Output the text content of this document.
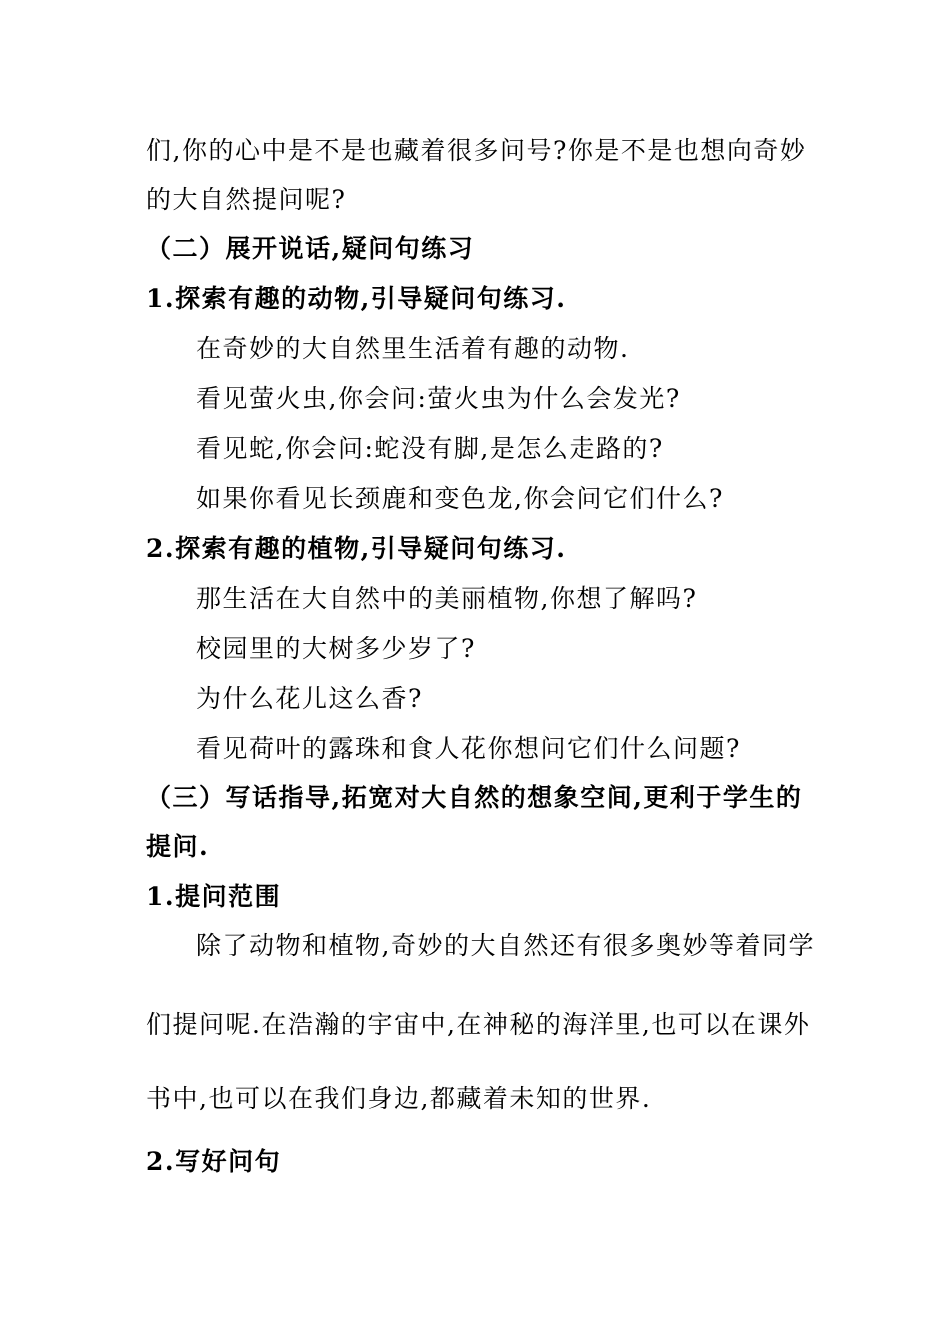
们,你的心中是不是也藏着很多问号?你是不是也想向奇妙
的大自然提问呢?
（二）展开说话,疑问句练习
1.探索有趣的动物,引导疑问句练习.
在奇妙的大自然里生活着有趣的动物.
看见萤火虫,你会问:萤火虫为什么会发光?
看见蛇,你会问:蛇没有脚,是怎么走路的?
如果你看见长颈鹿和变色龙,你会问它们什么?
2.探索有趣的植物,引导疑问句练习.
那生活在大自然中的美丽植物,你想了解吗?
校园里的大树多少岁了?
为什么花儿这么香?
看见荷叶的露珠和食人花你想问它们什么问题?
（三）写话指导,拓宽对大自然的想象空间,更利于学生的
提问.
1.提问范围
除了动物和植物,奇妙的大自然还有很多奥妙等着同学
们提问呢.在浩瀚的宇宙中,在神秘的海洋里,也可以在课外
书中,也可以在我们身边,都藏着未知的世界.
2.写好问句
